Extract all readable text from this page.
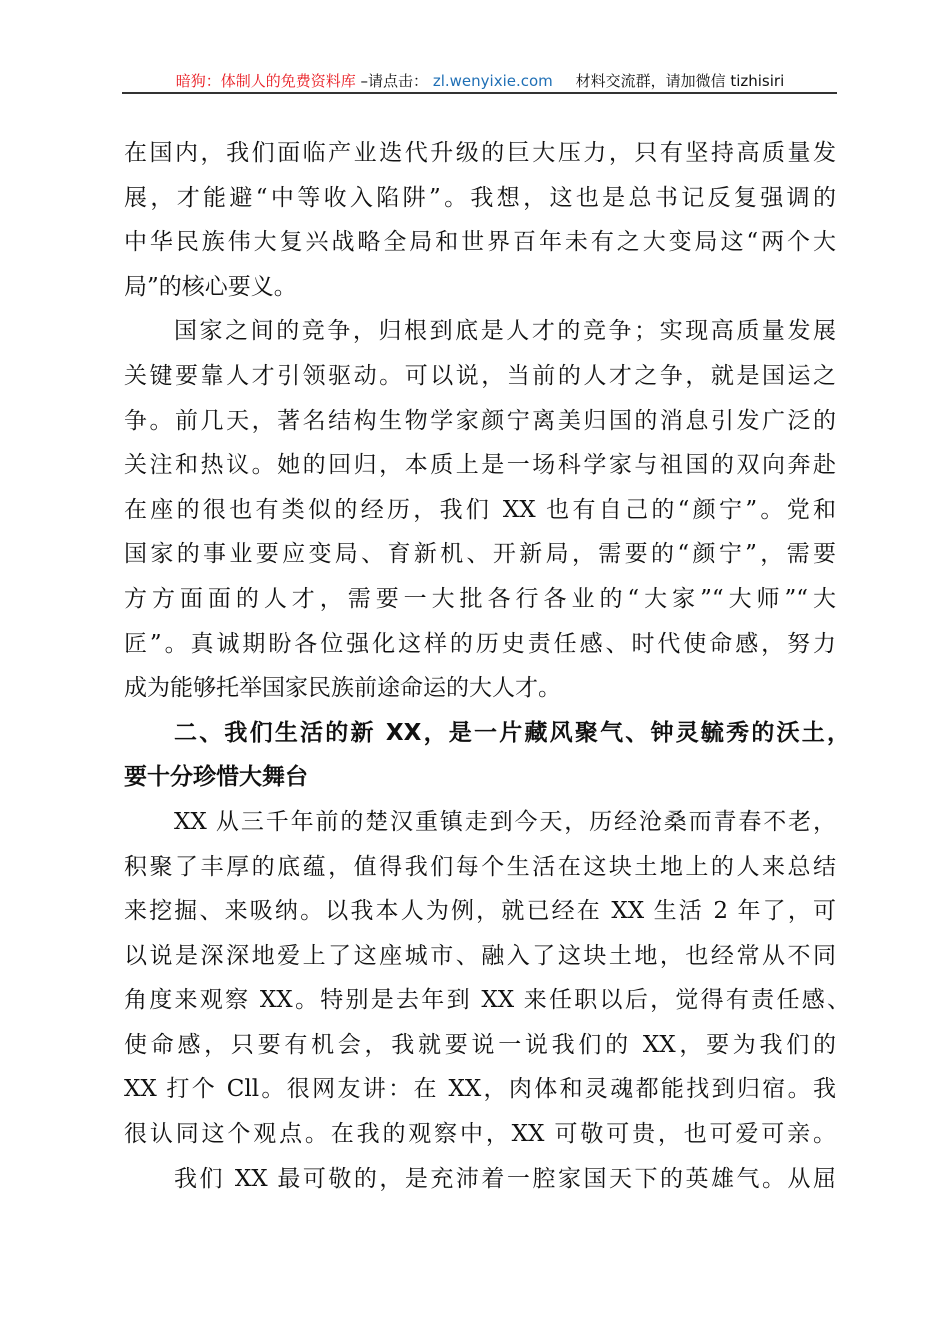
暗狗：体制人的免费资料库 –请点击： zl.wenyixie.com 材料交流群，请加微信 tizhisiri
在国内，我们面临产业迭代升级的巨大压力，只有坚持高质量发
展，才能避“中等收入陷阱”。我想，这也是总书记反复强调的
中华民族伟大复兴战略全局和世界百年未有之大变局这“两个大
局”的核心要义。
国家之间的竞争，归根到底是人才的竞争；实现高质量发展
关键要靠人才引领驱动。可以说，当前的人才之争，就是国运之
争。前几天，著名结构生物学家颜宁离美归国的消息引发广泛的
关注和热议。她的回归，本质上是一场科学家与祖国的双向奔赴
在座的很也有类似的经历，我们 XX 也有自己的“颜宁”。党和
国家的事业要应变局、育新机、开新局，需要的“颜宁”，需要
方方面面的人才，需要一大批各行各业的“大家”“大师”“大
匠”。真诚期盼各位强化这样的历史责任感、时代使命感，努力
成为能够托举国家民族前途命运的大人才。
二、我们生活的新 XX，是一片藏风聚气、钟灵毓秀的沃土，
要十分珍惜大舞台
XX 从三千年前的楚汉重镇走到今天，历经沧桑而青春不老，
积聚了丰厚的底蕴，值得我们每个生活在这块土地上的人来总结
来挖掘、来吸纳。以我本人为例，就已经在 XX 生活 2 年了，可
以说是深深地爱上了这座城市、融入了这块土地，也经常从不同
角度来观察 XX。特别是去年到 XX 来任职以后，觉得有责任感、
使命感，只要有机会，我就要说一说我们的 XX，要为我们的
XX 打个 Cll。很网友讲：在 XX，肉体和灵魂都能找到归宿。我
很认同这个观点。在我的观察中，XX 可敬可贵，也可爱可亲。
我们 XX 最可敬的，是充沛着一腔家国天下的英雄气。从屈
